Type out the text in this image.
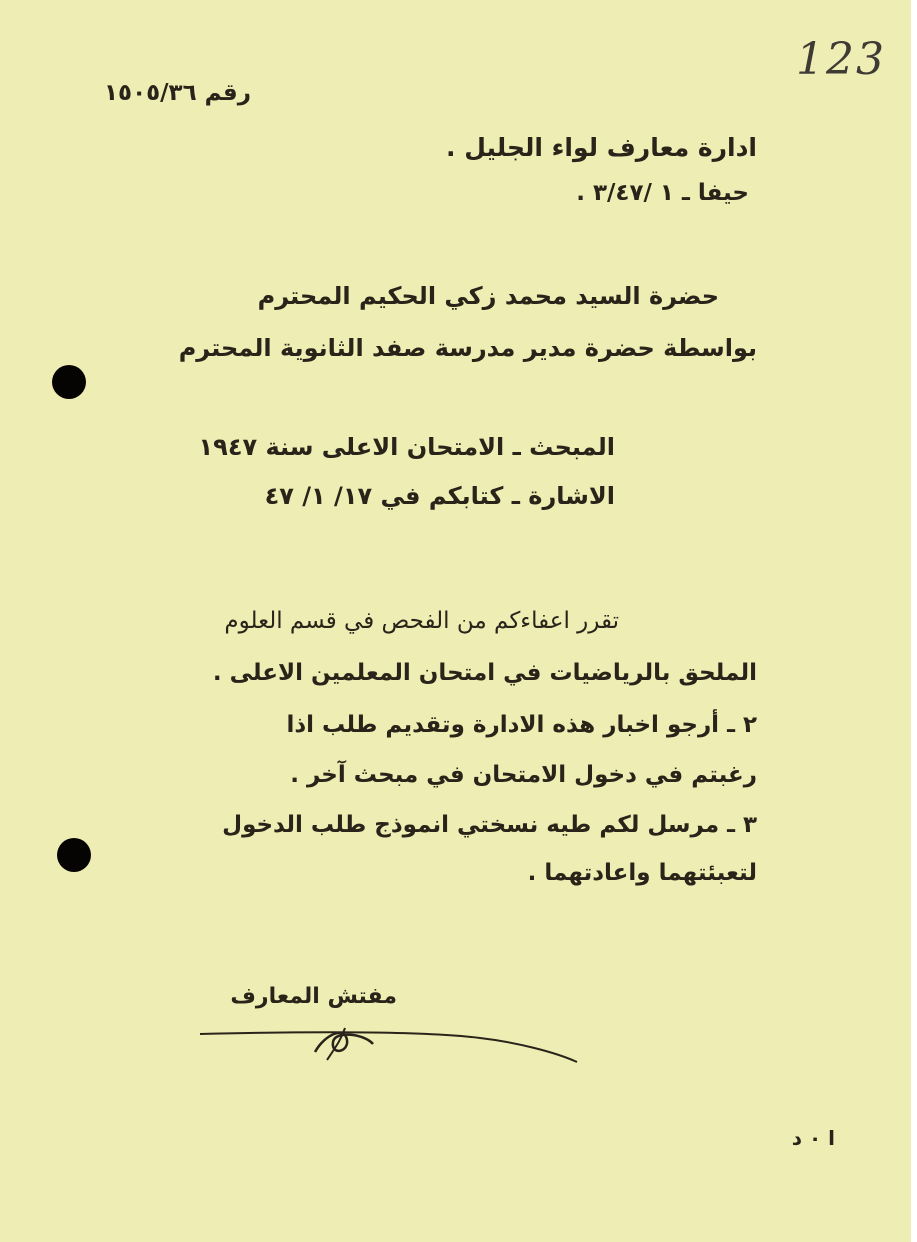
123
رقم ١٥٠٥/٣٦
ادارة معارف لواء الجليل .
حيفا ـ ١ /٣/٤٧ .
حضرة السيد محمد زكي الحكيم المحترم
بواسطة حضرة مدير مدرسة صفد الثانوية المحترم
المبحث ـ الامتحان الاعلى سنة ١٩٤٧
الاشارة ـ كتابكم في ١٧/ ١/ ٤٧
تقرر اعفاءكم من الفحص في قسم العلوم
الملحق بالرياضيات في امتحان المعلمين الاعلى .
٢ ـ أرجو اخبار هذه الادارة وتقديم طلب اذا
رغبتم في دخول الامتحان في مبحث آخر .
٣ ـ مرسل لكم طيه نسختي انموذج طلب الدخول
لتعبئتهما واعادتهما .
مفتش المعارف
ا ٠ د
